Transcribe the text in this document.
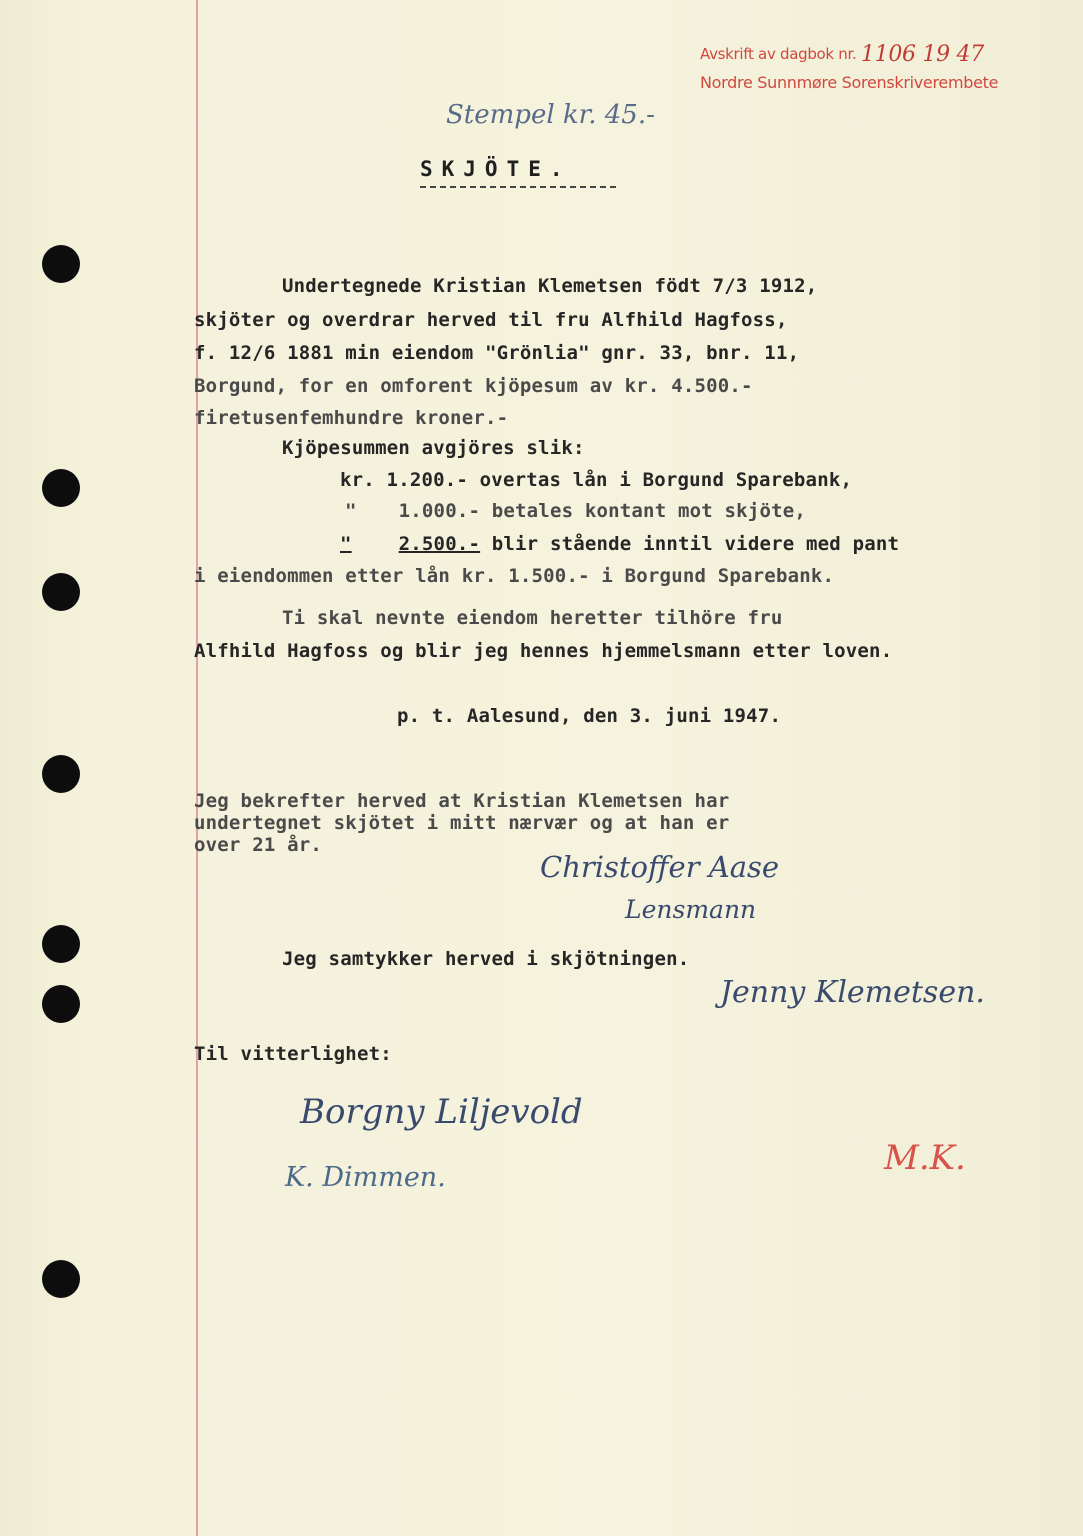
Avskrift av dagbok nr. 1106 19 47
Nordre Sunnmøre Sorenskriverembete
Stempel kr. 45.-
SKJÖTE.
Undertegnede Kristian Klemetsen födt 7/3 1912,
skjöter og overdrar herved til fru Alfhild Hagfoss,
f. 12/6 1881 min eiendom "Grönlia" gnr. 33, bnr. 11,
Borgund, for en omforent kjöpesum av kr. 4.500.-
firetusenfemhundre kroner.-
Kjöpesummen avgjöres slik:
kr. 1.200.- overtas lån i Borgund Sparebank,
" 1.000.- betales kontant mot skjöte,
" 2.500.- blir stående inntil videre med pant
i eiendommen etter lån kr. 1.500.- i Borgund Sparebank.
Ti skal nevnte eiendom heretter tilhöre fru
Alfhild Hagfoss og blir jeg hennes hjemmelsmann etter loven.
p. t. Aalesund, den 3. juni 1947.
Jeg bekrefter herved at Kristian Klemetsen har
undertegnet skjötet i mitt nærvær og at han er
over 21 år.
Christoffer Aase
Lensmann
Jeg samtykker herved i skjötningen.
Jenny Klemetsen.
Til vitterlighet:
Borgny Liljevold
K. Dimmen.	M.K.
